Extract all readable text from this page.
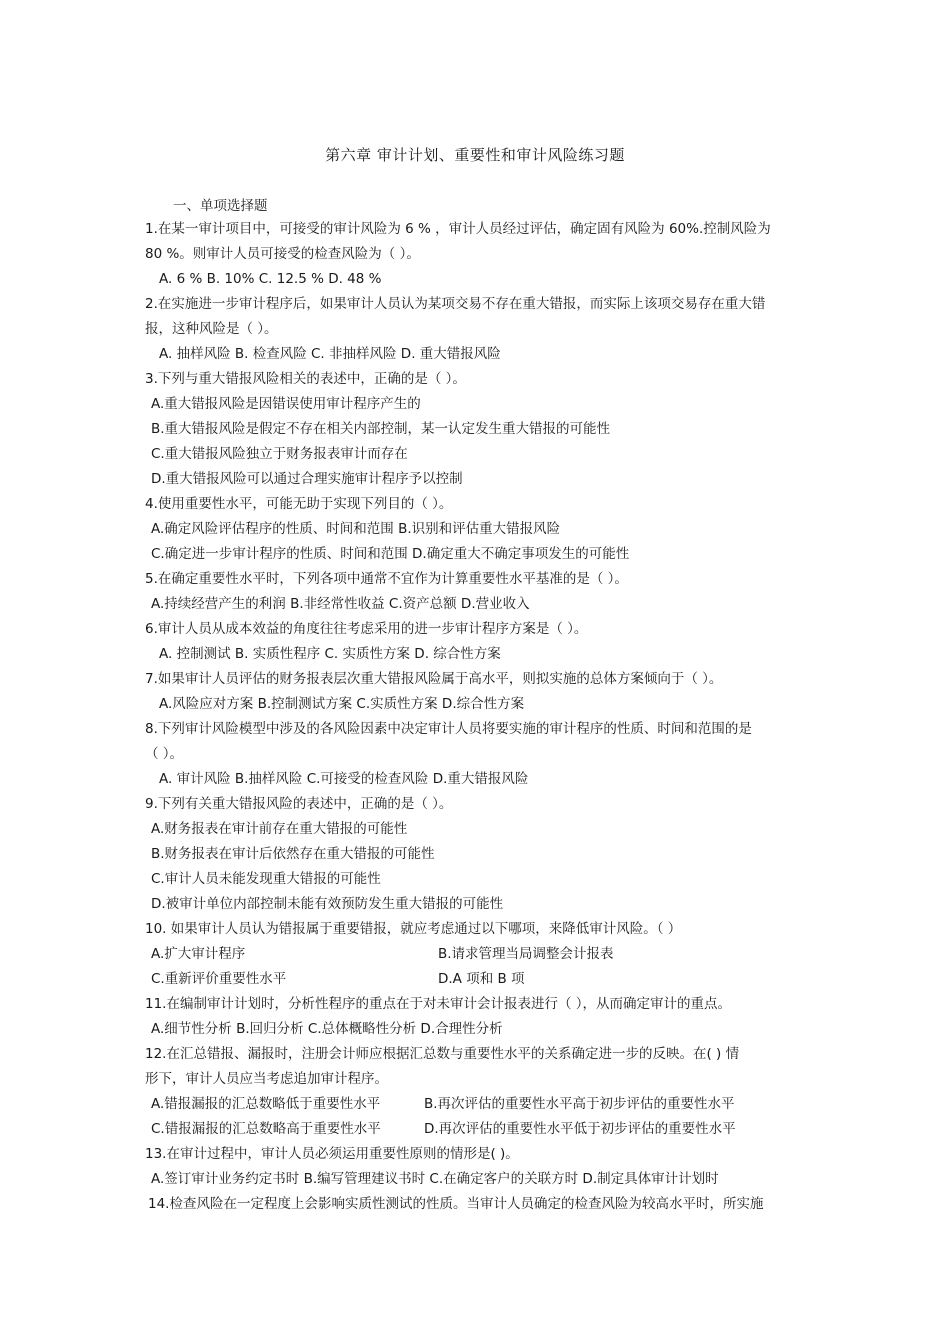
第六章 审计计划、重要性和审计风险练习题
一、单项选择题
1.在某一审计项目中，可接受的审计风险为 6 % ，审计人员经过评估，确定固有风险为 60%.控制风险为
80 %。则审计人员可接受的检查风险为（ ）。
A. 6 % B. 10% C. 12.5 % D. 48 %
2.在实施进一步审计程序后，如果审计人员认为某项交易不存在重大错报，而实际上该项交易存在重大错
报，这种风险是（ ）。
A. 抽样风险 B. 检查风险 C. 非抽样风险 D. 重大错报风险
3.下列与重大错报风险相关的表述中，正确的是（ ）。
A.重大错报风险是因错误使用审计程序产生的
B.重大错报风险是假定不存在相关内部控制，某一认定发生重大错报的可能性
C.重大错报风险独立于财务报表审计而存在
D.重大错报风险可以通过合理实施审计程序予以控制
4.使用重要性水平，可能无助于实现下列目的（ ）。
A.确定风险评估程序的性质、时间和范围 B.识别和评估重大错报风险
C.确定进一步审计程序的性质、时间和范围 D.确定重大不确定事项发生的可能性
5.在确定重要性水平时，下列各项中通常不宜作为计算重要性水平基准的是（ ）。
A.持续经营产生的利润 B.非经常性收益 C.资产总额 D.营业收入
6.审计人员从成本效益的角度往往考虑采用的进一步审计程序方案是（ ）。
A. 控制测试 B. 实质性程序 C. 实质性方案 D. 综合性方案
7.如果审计人员评估的财务报表层次重大错报风险属于高水平，则拟实施的总体方案倾向于（ ）。
A.风险应对方案 B.控制测试方案 C.实质性方案 D.综合性方案
8.下列审计风险模型中涉及的各风险因素中决定审计人员将要实施的审计程序的性质、时间和范围的是
（ ）。
A. 审计风险 B.抽样风险 C.可接受的检查风险 D.重大错报风险
9.下列有关重大错报风险的表述中，正确的是（ ）。
A.财务报表在审计前存在重大错报的可能性
B.财务报表在审计后依然存在重大错报的可能性
C.审计人员未能发现重大错报的可能性
D.被审计单位内部控制未能有效预防发生重大错报的可能性
10. 如果审计人员认为错报属于重要错报，就应考虑通过以下哪项，来降低审计风险。（ ）
A.扩大审计程序	B.请求管理当局调整会计报表
C.重新评价重要性水平	D.A 项和 B 项
11.在编制审计计划时，分析性程序的重点在于对未审计会计报表进行（ ），从而确定审计的重点。
A.细节性分析 B.回归分析 C.总体概略性分析 D.合理性分析
12.在汇总错报、漏报时，注册会计师应根据汇总数与重要性水平的关系确定进一步的反映。在( ) 情
形下，审计人员应当考虑追加审计程序。
A.错报漏报的汇总数略低于重要性水平	B.再次评估的重要性水平高于初步评估的重要性水平
C.错报漏报的汇总数略高于重要性水平	D.再次评估的重要性水平低于初步评估的重要性水平
13.在审计过程中，审计人员必须运用重要性原则的情形是( )。
A.签订审计业务约定书时 B.编写管理建议书时 C.在确定客户的关联方时 D.制定具体审计计划时
14.检查风险在一定程度上会影响实质性测试的性质。当审计人员确定的检查风险为较高水平时，所实施
